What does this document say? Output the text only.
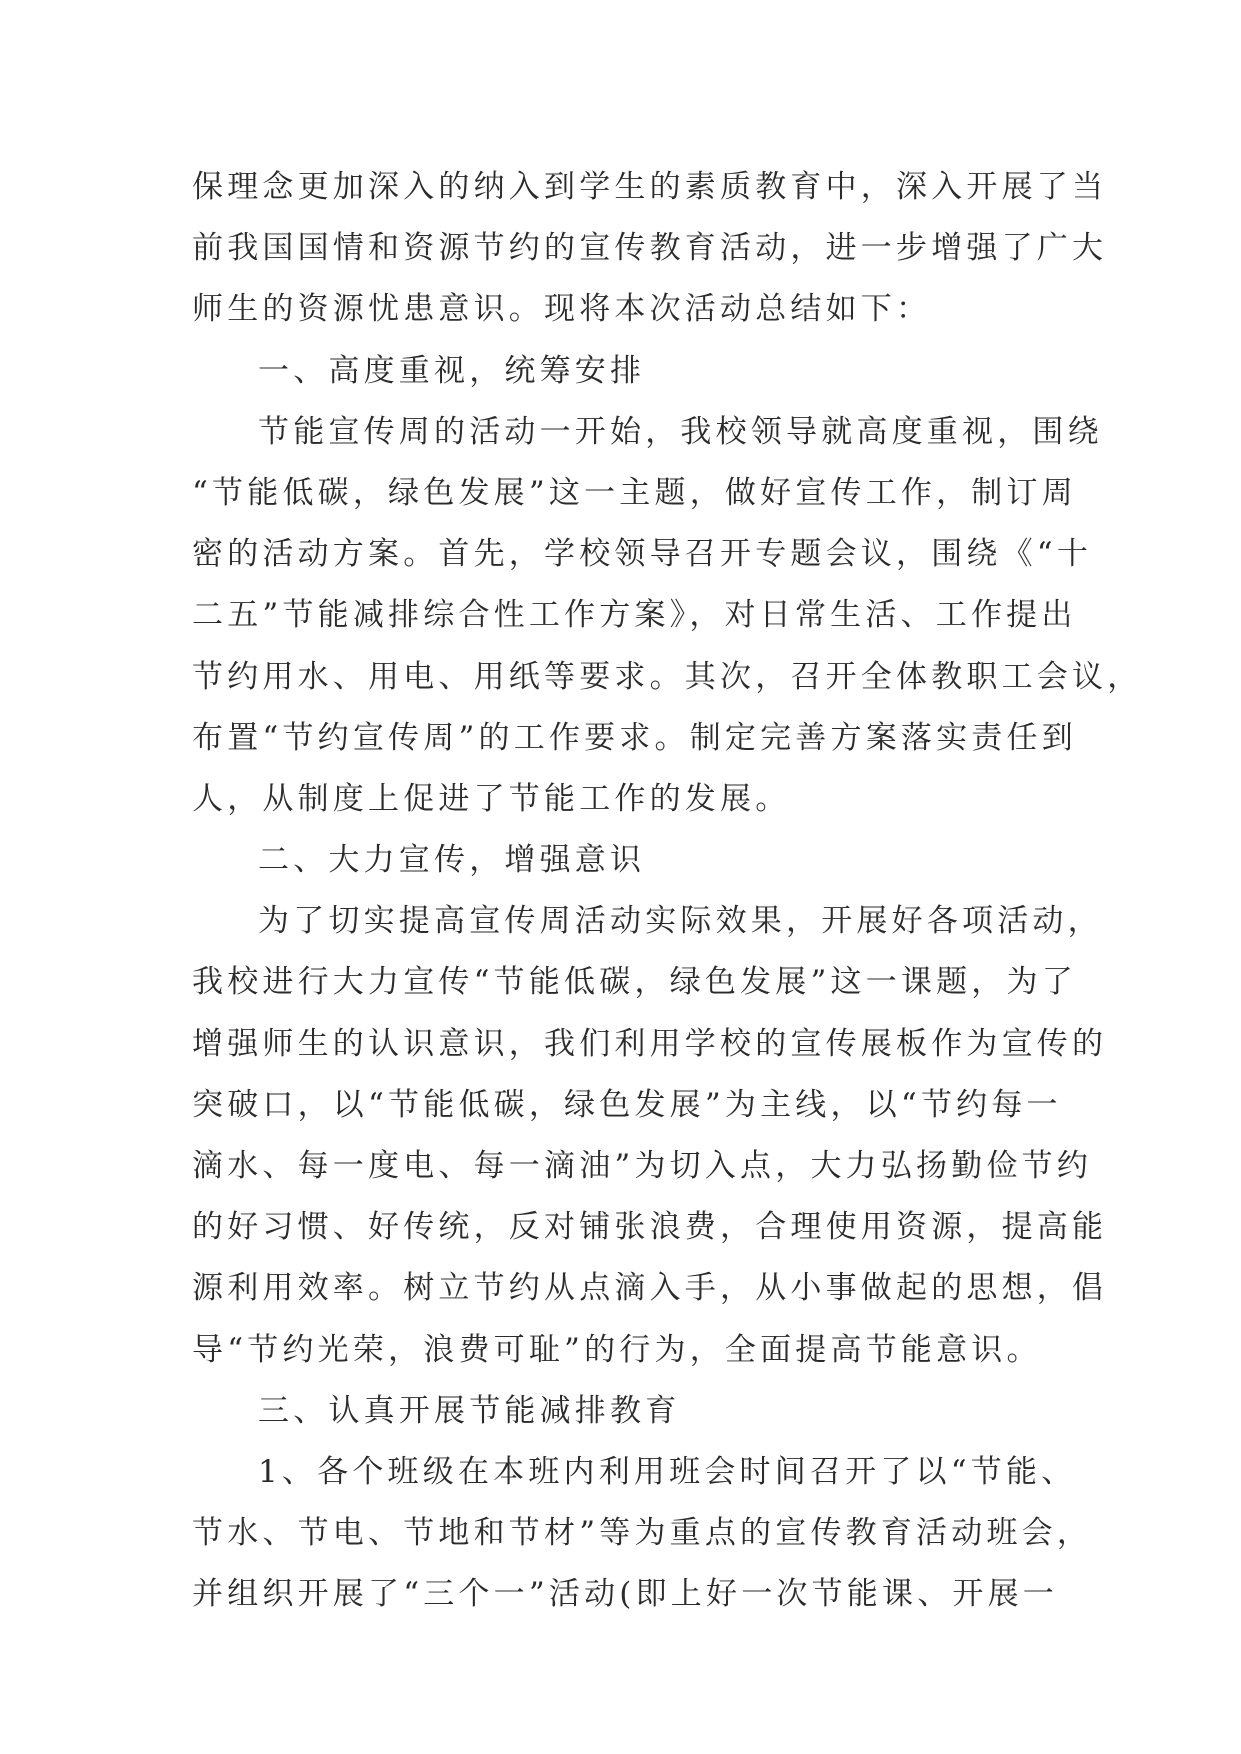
保理念更加深入的纳入到学生的素质教育中，深入开展了当
前我国国情和资源节约的宣传教育活动，进一步增强了广大
师生的资源忧患意识。现将本次活动总结如下：
一、高度重视，统筹安排
节能宣传周的活动一开始，我校领导就高度重视，围绕
“节能低碳，绿色发展”这一主题，做好宣传工作，制订周
密的活动方案。首先，学校领导召开专题会议，围绕《“十
二五”节能减排综合性工作方案》，对日常生活、工作提出
节约用水、用电、用纸等要求。其次，召开全体教职工会议，
布置“节约宣传周”的工作要求。制定完善方案落实责任到
人，从制度上促进了节能工作的发展。
二、大力宣传，增强意识
为了切实提高宣传周活动实际效果，开展好各项活动，
我校进行大力宣传“节能低碳，绿色发展”这一课题，为了
增强师生的认识意识，我们利用学校的宣传展板作为宣传的
突破口，以“节能低碳，绿色发展”为主线，以“节约每一
滴水、每一度电、每一滴油”为切入点，大力弘扬勤俭节约
的好习惯、好传统，反对铺张浪费，合理使用资源，提高能
源利用效率。树立节约从点滴入手，从小事做起的思想，倡
导“节约光荣，浪费可耻”的行为，全面提高节能意识。
三、认真开展节能减排教育
1、各个班级在本班内利用班会时间召开了以“节能、
节水、节电、节地和节材”等为重点的宣传教育活动班会，
并组织开展了“三个一”活动(即上好一次节能课、开展一
